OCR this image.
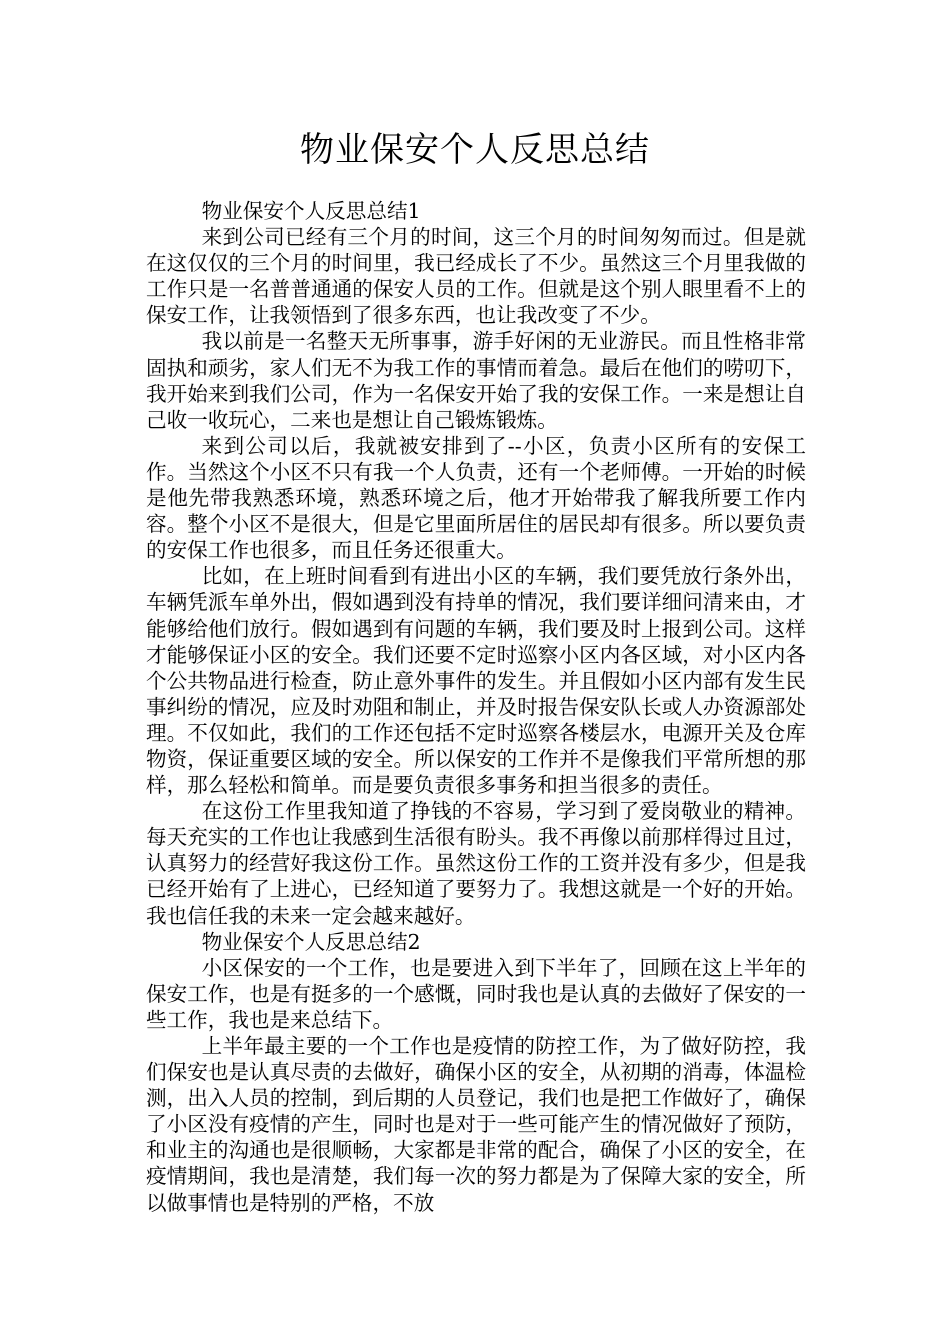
物业保安个人反思总结

物业保安个人反思总结1

来到公司已经有三个月的时间，这三个月的时间匆匆而过。但是就在这仅仅的三个月的时间里，我已经成长了不少。虽然这三个月里我做的工作只是一名普普通通的保安人员的工作。但就是这个别人眼里看不上的保安工作，让我领悟到了很多东西，也让我改变了不少。

我以前是一名整天无所事事，游手好闲的无业游民。而且性格非常固执和顽劣，家人们无不为我工作的事情而着急。最后在他们的唠叨下，我开始来到我们公司，作为一名保安开始了我的安保工作。一来是想让自己收一收玩心，二来也是想让自己锻炼锻炼。

来到公司以后，我就被安排到了--小区，负责小区所有的安保工作。当然这个小区不只有我一个人负责，还有一个老师傅。一开始的时候是他先带我熟悉环境，熟悉环境之后，他才开始带我了解我所要工作内容。整个小区不是很大，但是它里面所居住的居民却有很多。所以要负责的安保工作也很多，而且任务还很重大。

比如，在上班时间看到有进出小区的车辆，我们要凭放行条外出，车辆凭派车单外出，假如遇到没有持单的情况，我们要详细问清来由，才能够给他们放行。假如遇到有问题的车辆，我们要及时上报到公司。这样才能够保证小区的安全。我们还要不定时巡察小区内各区域，对小区内各个公共物品进行检查，防止意外事件的发生。并且假如小区内部有发生民事纠纷的情况，应及时劝阻和制止，并及时报告保安队长或人办资源部处理。不仅如此，我们的工作还包括不定时巡察各楼层水，电源开关及仓库物资，保证重要区域的安全。所以保安的工作并不是像我们平常所想的那样，那么轻松和简单。而是要负责很多事务和担当很多的责任。

在这份工作里我知道了挣钱的不容易，学习到了爱岗敬业的精神。每天充实的工作也让我感到生活很有盼头。我不再像以前那样得过且过，认真努力的经营好我这份工作。虽然这份工作的工资并没有多少，但是我已经开始有了上进心，已经知道了要努力了。我想这就是一个好的开始。我也信任我的未来一定会越来越好。

物业保安个人反思总结2

小区保安的一个工作，也是要进入到下半年了，回顾在这上半年的保安工作，也是有挺多的一个感慨，同时我也是认真的去做好了保安的一些工作，我也是来总结下。

上半年最主要的一个工作也是疫情的防控工作，为了做好防控，我们保安也是认真尽责的去做好，确保小区的安全，从初期的消毒，体温检测，出入人员的控制，到后期的人员登记，我们也是把工作做好了，确保了小区没有疫情的产生，同时也是对于一些可能产生的情况做好了预防，和业主的沟通也是很顺畅，大家都是非常的配合，确保了小区的安全，在疫情期间，我也是清楚，我们每一次的努力都是为了保障大家的安全，所以做事情也是特别的严格，不放
